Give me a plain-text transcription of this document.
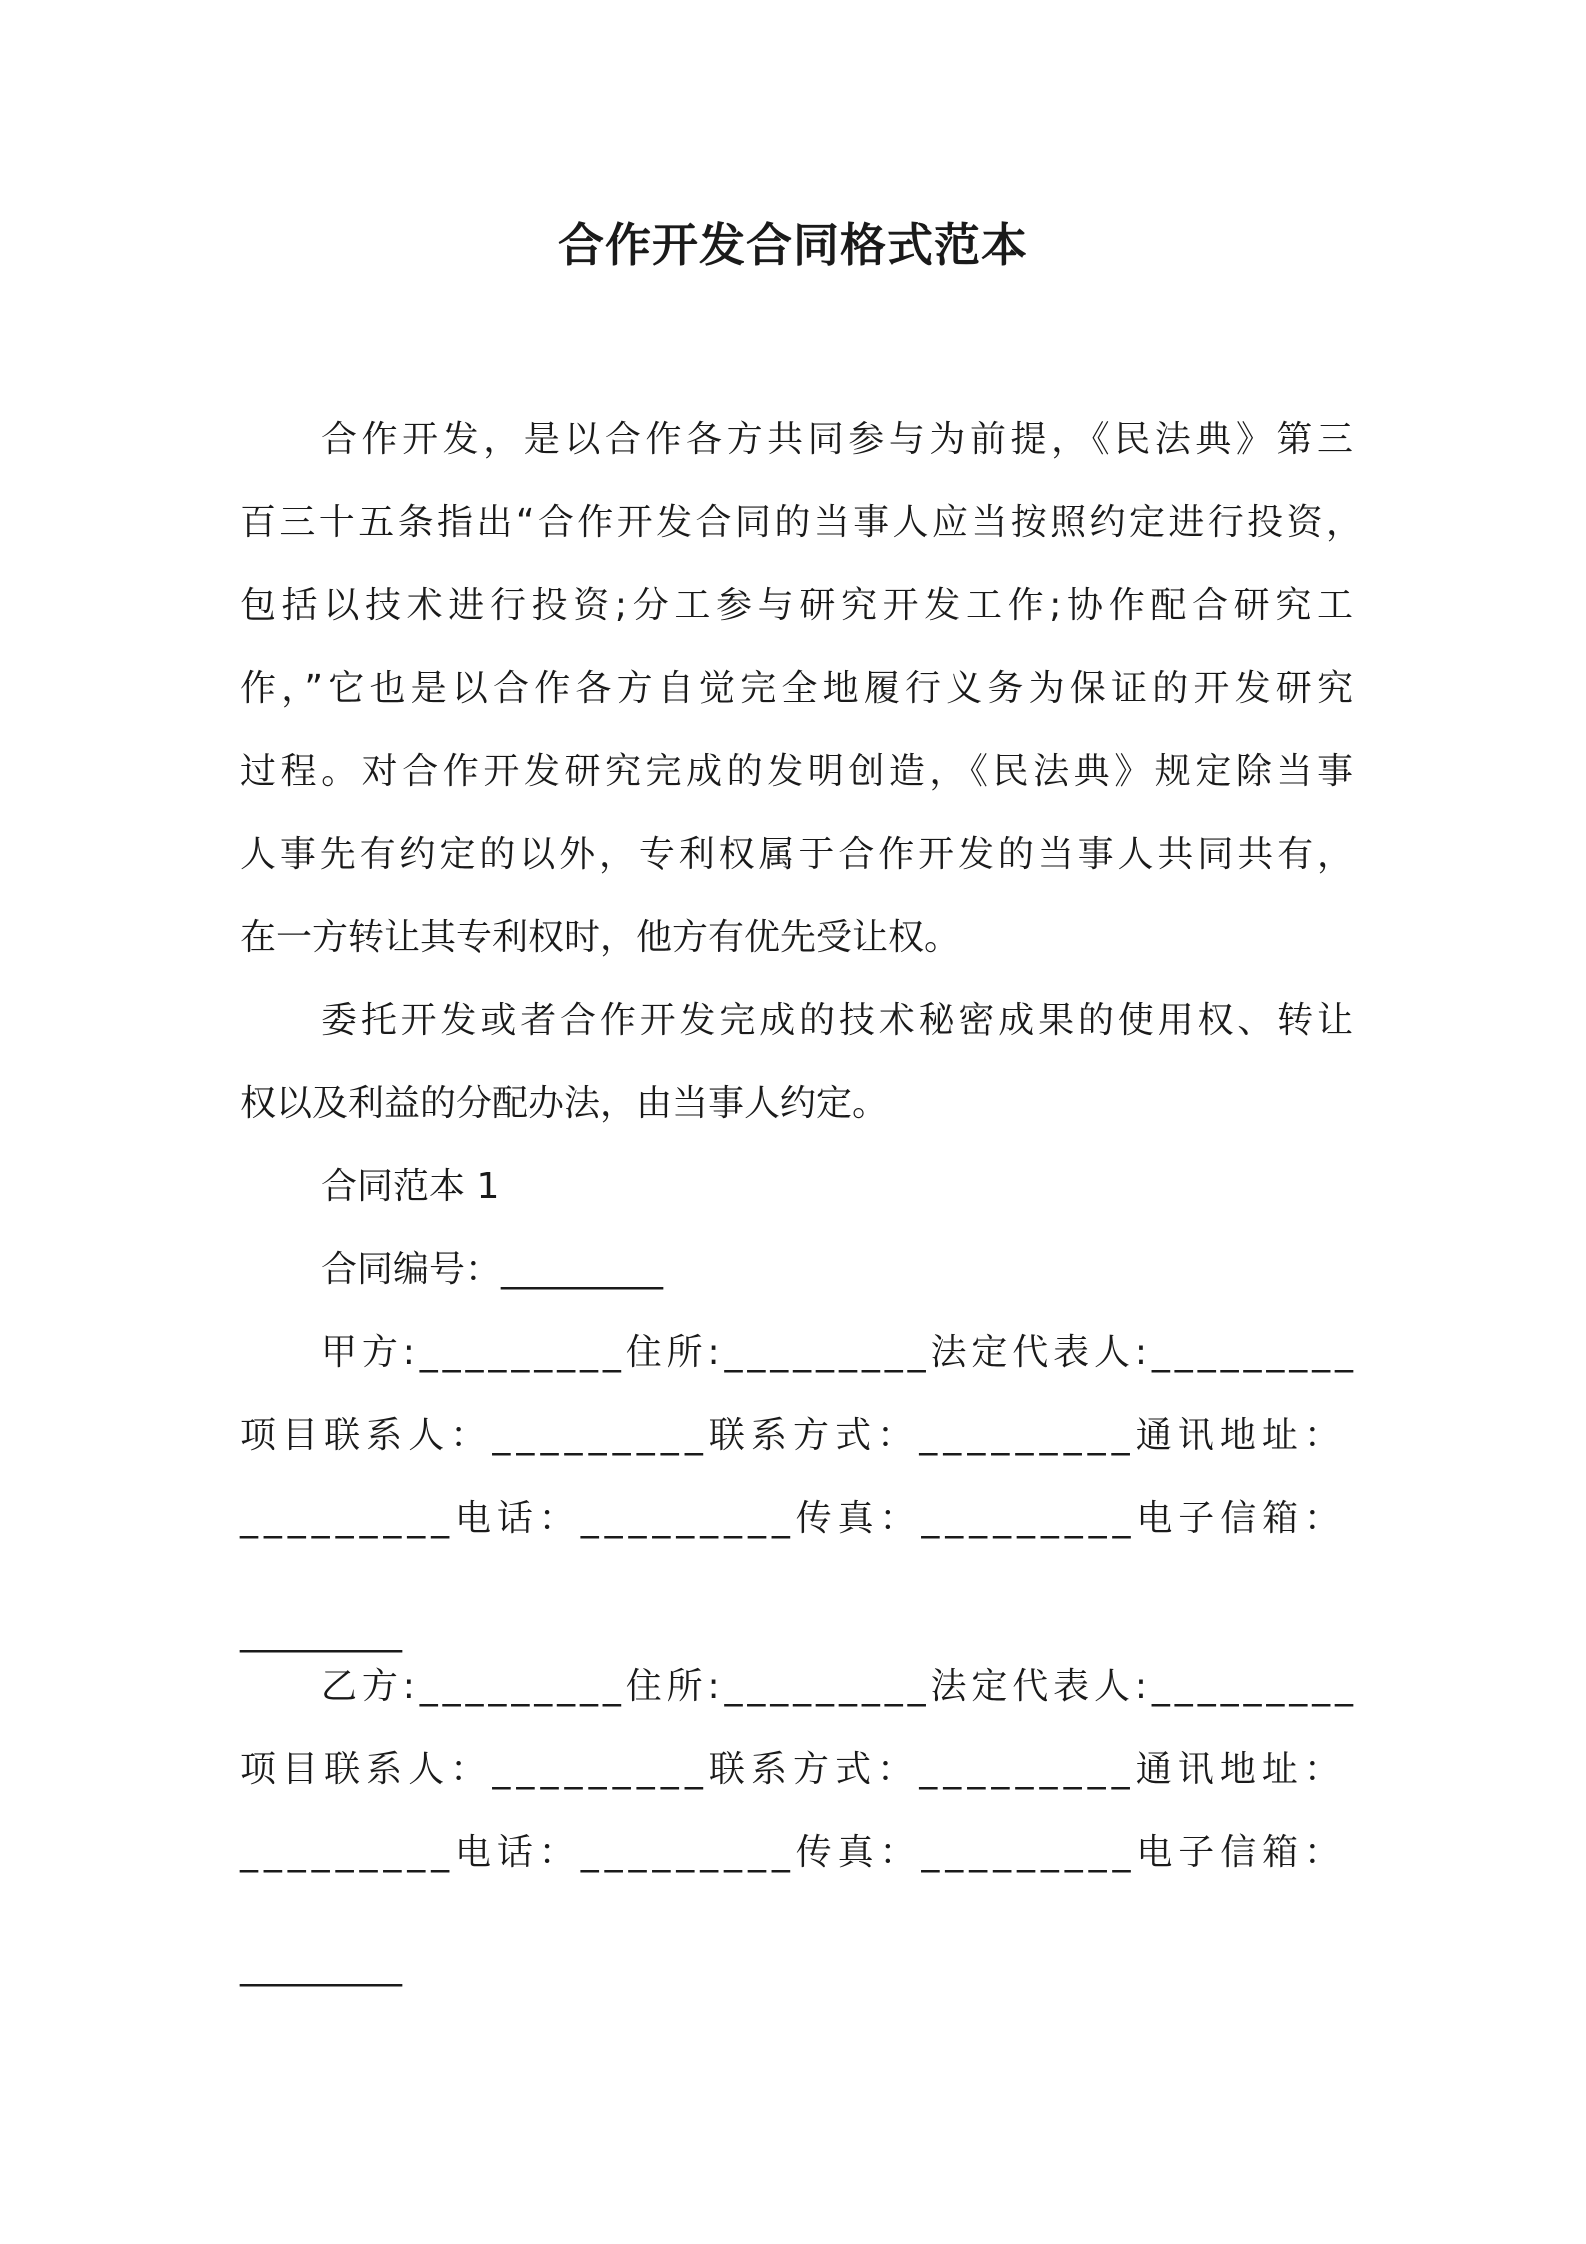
合作开发合同格式范本
合作开发，是以合作各方共同参与为前提，《民法典》第三
百三十五条指出“合作开发合同的当事人应当按照约定进行投资，
包括以技术进行投资;分工参与研究开发工作;协作配合研究工
作，”它也是以合作各方自觉完全地履行义务为保证的开发研究
过程。对合作开发研究完成的发明创造，《民法典》规定除当事
人事先有约定的以外，专利权属于合作开发的当事人共同共有，
在一方转让其专利权时，他方有优先受让权。
委托开发或者合作开发完成的技术秘密成果的使用权、转让
权以及利益的分配办法，由当事人约定。
合同范本 1
合同编号：_________
甲方:_________住所:_________法定代表人:_________
项目联系人：_________联系方式：_________通讯地址：
_________电话：_________传真：_________电子信箱：
_________
乙方:_________住所:_________法定代表人:_________
项目联系人：_________联系方式：_________通讯地址：
_________电话：_________传真：_________电子信箱：
_________
